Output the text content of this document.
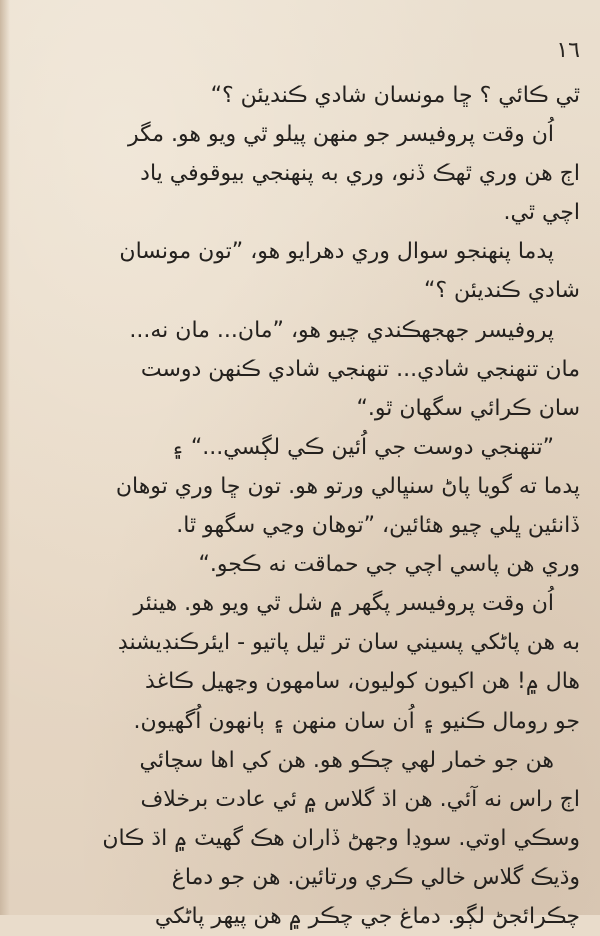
۱٦

ٿي ڪائي ؟ ڇا مونسان شادي ڪنديئن ؟“

اُن وقت پروفيسر جو منهن پيلو ٿي ويو هو. مگر
اڄ هن وري ٿهڪ ڏنو، وري به پنهنجي بيوقوفي ياد
اچي ٿي.

پدما پنهنجو سوال وري دهرايو هو، ”تون مونسان
شادي ڪنديئن ؟“

پروفيسر جهجهڪندي چيو هو، ”مان... مان نه...
مان تنهنجي شادي... تنهنجي شادي ڪنهن دوست
سان ڪرائي سگهان ٿو.“

”تنهنجي دوست جي اُئين ڪي لڳسي...“ ۽
پدما ته گويا پاڻ سنڀالي ورتو هو. تون ڇا وري توهان
ڏانئين ڀلي چيو هئائين، ”توهان وڃي سگهو ٿا.
وري هن پاسي اچي جي حماقت نه ڪجو.“

اُن وقت پروفيسر پگهر ۾ شل ٿي ويو هو. هينئر
به هن پاڻکي پسيني سان تر ٿيل پاتيو - ايئرڪنڊيشنڊ
هال ۾! هن اکيون کوليون، سامهون وڃهيل ڪاغذ
جو رومال ڪنيو ۽ اُن سان منهن ۽ ٻانهون اُگهيون.

هن جو خمار لهي چڪو هو. هن کي اها سچائي
اڄ راس نه آئي. هن اڌ گلاس ۾ ئي عادت برخلاف
وسڪي اوتي. سوڍا وجهڻ ڏاران هڪ گهيٽ ۾ اڌ ڪان
وڌيڪ گلاس خالي ڪري ورتائين. هن جو دماغ
چڪرائجڻ لڳو. دماغ جي چڪر ۾ هن پيهر پاڻکي
